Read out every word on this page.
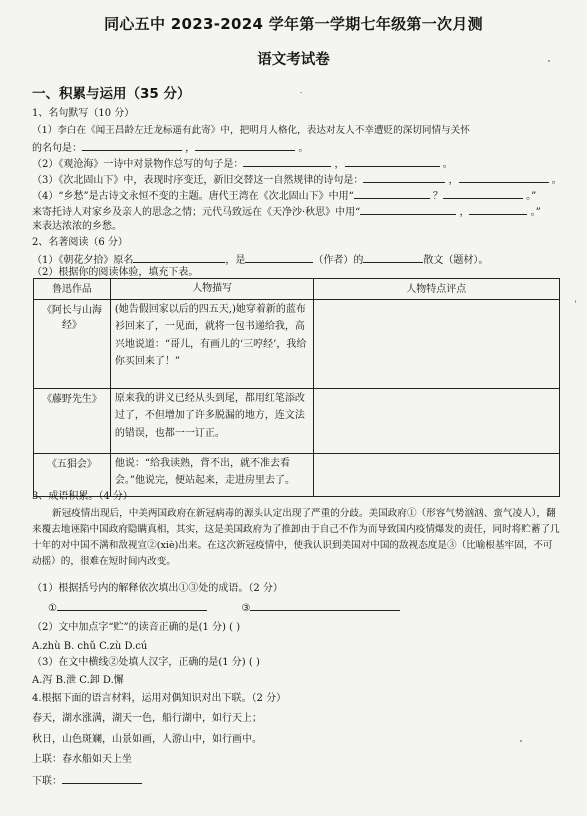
同心五中 2023-2024 学年第一学期七年级第一次月测
语文考试卷
一、积累与运用（35 分）
1、名句默写（10 分）
（1）李白在《闻王昌龄左迁龙标遥有此寄》中，把明月人格化，表达对友人不幸遭贬的深切同情与关怀
的名句是：	，	。
（2）《观沧海》一诗中对景物作总写的句子是：	，	。
（3）《次北固山下》中，表现时序变迁，新旧交替这一自然规律的诗句是：	，	。
（4）“乡愁”是古诗文永恒不变的主题。唐代王湾在《次北固山下》中用“	？	。”
来寄托诗人对家乡及亲人的思念之情；元代马致远在《天净沙·秋思》中用“	，	。”
来表达浓浓的乡愁。
2、名著阅读（6 分）
（1）《朝花夕拾》原名	，是	（作者）的	散文（题材）。
（2）根据你的阅读体验，填充下表。
鲁迅作品	人物描写	人物特点评点
《阿长与山海经》	(她告假回家以后的四五天,)她穿着新的蓝布衫回来了，一见面，就将一包书递给我，高兴地说道：“哥儿，有画儿的‘三哼经’，我给你买回来了！”	
《藤野先生》	原来我的讲义已经从头到尾，都用红笔添改过了，不但增加了许多脱漏的地方，连文法的错误，也都一一订正。	
《五猖会》	他说：“给我读熟，背不出，就不准去看会。”他说完，便站起来，走进房里去了。	
3、成语积累。（4 分）
新冠疫情出现后，中美两国政府在新冠病毒的源头认定出现了严重的分歧。美国政府①（形容气势汹汹、蛮气凌人），翻来覆去地诬陷中国政府隐瞒真相，其实，这是美国政府为了推卸由于自己不作为而导致国内疫情爆发的责任，同时将贮蓄了几十年的对中国不满和敌视宣②(xiè)出来。在这次新冠疫情中，使我认识到美国对中国的敌视态度是③（比喻根基牢固，不可动摇）的，很难在短时间内改变。
（1）根据括号内的解释依次填出①③处的成语。（2 分）
①	③
（2）文中加点字“贮”的读音正确的是(1 分) ( )
A.zhù B. chǔ C.zù D.cú
（3）在文中横线②处填人汉字，正确的是(1 分) ( )
A.泻 B.泄 C.卸 D.懈
4.根据下面的语言材料，运用对偶知识对出下联。（2 分）
春天，湖水涨满，湖天一色，船行湖中，如行天上；
秋日，山色斑斓，山景如画，人游山中，如行画中。
上联：春水船如天上坐
下联：
